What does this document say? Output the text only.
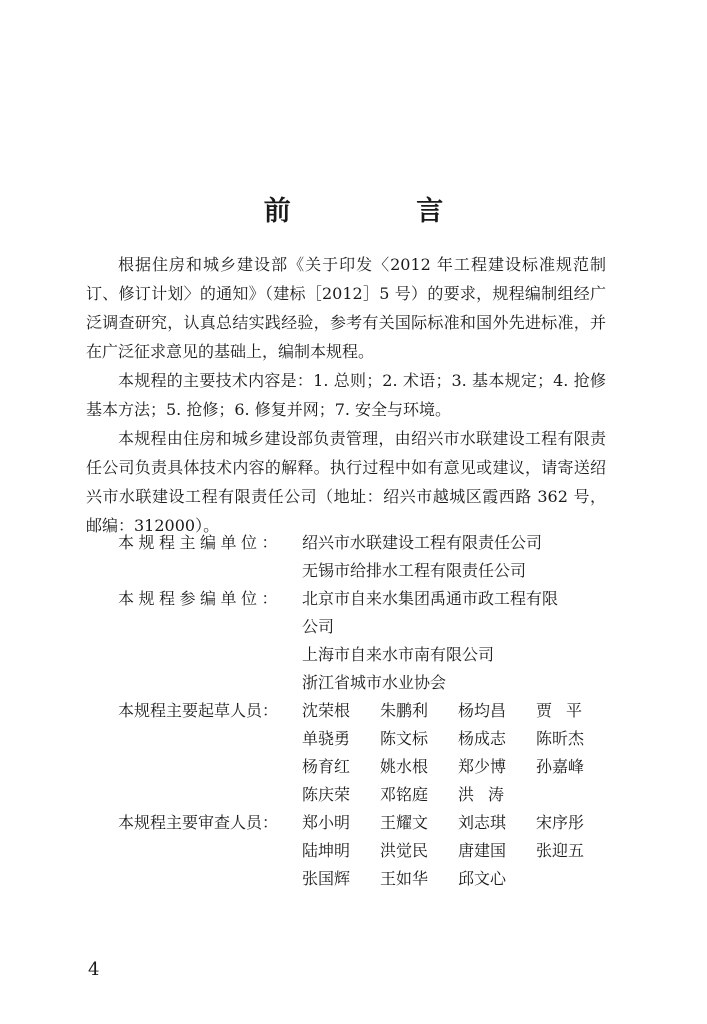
前 言

根据住房和城乡建设部《关于印发〈2012 年工程建设标准规范制订、修订计划〉的通知》（建标［2012］5 号）的要求，规程编制组经广泛调查研究，认真总结实践经验，参考有关国际标准和国外先进标准，并在广泛征求意见的基础上，编制本规程。

本规程的主要技术内容是：1. 总则；2. 术语；3. 基本规定；4. 抢修基本方法；5. 抢修；6. 修复并网；7. 安全与环境。

本规程由住房和城乡建设部负责管理，由绍兴市水联建设工程有限责任公司负责具体技术内容的解释。执行过程中如有意见或建议，请寄送绍兴市水联建设工程有限责任公司（地址：绍兴市越城区霞西路 362 号，邮编：312000）。

本规程主编单位：	绍兴市水联建设工程有限责任公司
无锡市给排水工程有限责任公司
本规程参编单位：	北京市自来水集团禹通市政工程有限
公司
上海市自来水市南有限公司
浙江省城市水业协会
本规程主要起草人员：	沈荣根	朱鹏利	杨均昌	贾平
单骁勇	陈文标	杨成志	陈昕杰
杨育红	姚水根	郑少博	孙嘉峰
陈庆荣	邓铭庭	洪涛
本规程主要审查人员：	郑小明	王耀文	刘志琪	宋序彤
陆坤明	洪觉民	唐建国	张迎五
张国辉	王如华	邱文心
4
